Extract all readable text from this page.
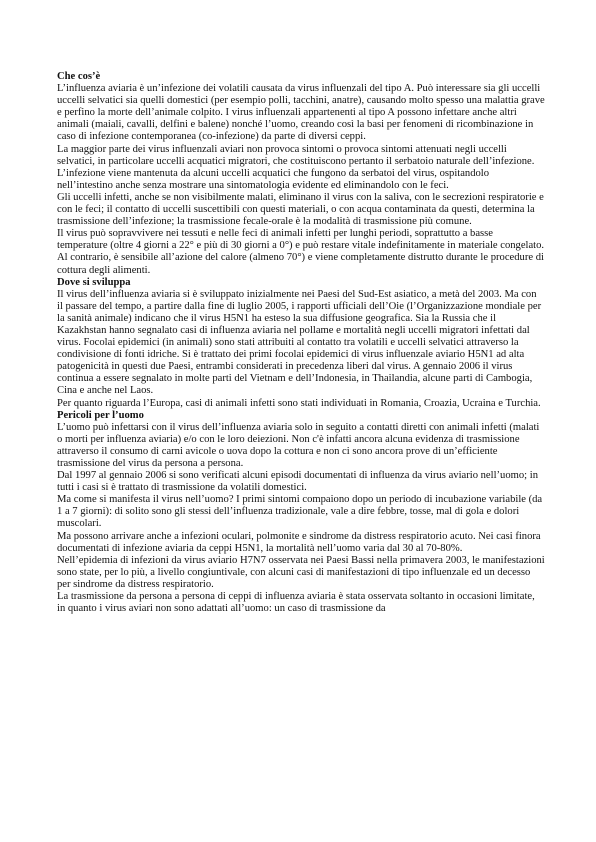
Che cos’è

L’influenza aviaria è un’infezione dei volatili causata da virus influenzali del tipo A. Può interessare sia gli uccelli uccelli selvatici sia quelli domestici (per esempio polli, tacchini, anatre), causando molto spesso una malattia grave e perfino la morte dell’animale colpito. I virus influenzali appartenenti al tipo A possono infettare anche altri animali (maiali, cavalli, delfini e balene) nonché l’uomo, creando così la basi per fenomeni di ricombinazione in caso di infezione contemporanea (co-infezione) da parte di diversi ceppi.

La maggior parte dei virus influenzali aviari non provoca sintomi o provoca sintomi attenuati negli uccelli selvatici, in particolare uccelli acquatici migratori, che costituiscono pertanto il serbatoio naturale dell’infezione. L’infezione viene mantenuta da alcuni uccelli acquatici che fungono da serbatoi del virus, ospitandolo nell’intestino anche senza mostrare una sintomatologia evidente ed eliminandolo con le feci.

Gli uccelli infetti, anche se non visibilmente malati, eliminano il virus con la saliva, con le secrezioni respiratorie e con le feci; il contatto di uccelli suscettibili con questi materiali, o con acqua contaminata da questi, determina la trasmissione dell’infezione; la trasmissione fecale-orale è la modalità di trasmissione più comune.

Il virus può sopravvivere nei tessuti e nelle feci di animali infetti per lunghi periodi, soprattutto a basse temperature (oltre 4 giorni a 22° e più di 30 giorni a 0°) e può restare vitale indefinitamente in materiale congelato. Al contrario, è sensibile all’azione del calore (almeno 70°) e viene completamente distrutto durante le procedure di cottura degli alimenti.

Dove si sviluppa

Il virus dell’influenza aviaria si è sviluppato inizialmente nei Paesi del Sud-Est asiatico, a metà del 2003. Ma con il passare del tempo, a partire dalla fine di luglio 2005, i rapporti ufficiali dell’Oie (l’Organizzazione mondiale per la sanità animale) indicano che il virus H5N1 ha esteso la sua diffusione geografica. Sia la Russia che il Kazakhstan hanno segnalato casi di influenza aviaria nel pollame e mortalità negli uccelli migratori infettati dal virus. Focolai epidemici (in animali) sono stati attribuiti al contatto tra volatili e uccelli selvatici attraverso la condivisione di fonti idriche. Si è trattato dei primi focolai epidemici di virus influenzale aviario H5N1 ad alta patogenicità in questi due Paesi, entrambi considerati in precedenza liberi dal virus. A gennaio 2006 il virus continua a essere segnalato in molte parti del Vietnam e dell’Indonesia, in Thailandia, alcune parti di Cambogia, Cina e anche nel Laos.

Per quanto riguarda l’Europa, casi di animali infetti sono stati individuati in Romania, Croazia, Ucraina e Turchia.

Pericoli per l’uomo

L’uomo può infettarsi con il virus dell’influenza aviaria solo in seguito a contatti diretti con animali infetti (malati o morti per influenza aviaria) e/o con le loro deiezioni. Non c'è infatti ancora alcuna evidenza di trasmissione attraverso il consumo di carni avicole o uova dopo la cottura e non ci sono ancora prove di un’efficiente trasmissione del virus da persona a persona.

Dal 1997 al gennaio 2006 si sono verificati alcuni episodi documentati di influenza da virus aviario nell’uomo; in tutti i casi si è trattato di trasmissione da volatili domestici.

Ma come si manifesta il virus nell’uomo? I primi sintomi compaiono dopo un periodo di incubazione variabile (da 1 a 7 giorni): di solito sono gli stessi dell’influenza tradizionale, vale a dire febbre, tosse, mal di gola e dolori muscolari.

Ma possono arrivare anche a infezioni oculari, polmonite e sindrome da distress respiratorio acuto. Nei casi finora documentati di infezione aviaria da ceppi H5N1, la mortalità nell’uomo varia dal 30 al 70-80%.

Nell’epidemia di infezioni da virus aviario H7N7 osservata nei Paesi Bassi nella primavera 2003, le manifestazioni sono state, per lo più, a livello congiuntivale, con alcuni casi di manifestazioni di tipo influenzale ed un decesso per sindrome da distress respiratorio.

La trasmissione da persona a persona di ceppi di influenza aviaria è stata osservata soltanto in occasioni limitate, in quanto i virus aviari non sono adattati all’uomo: un caso di trasmissione da
